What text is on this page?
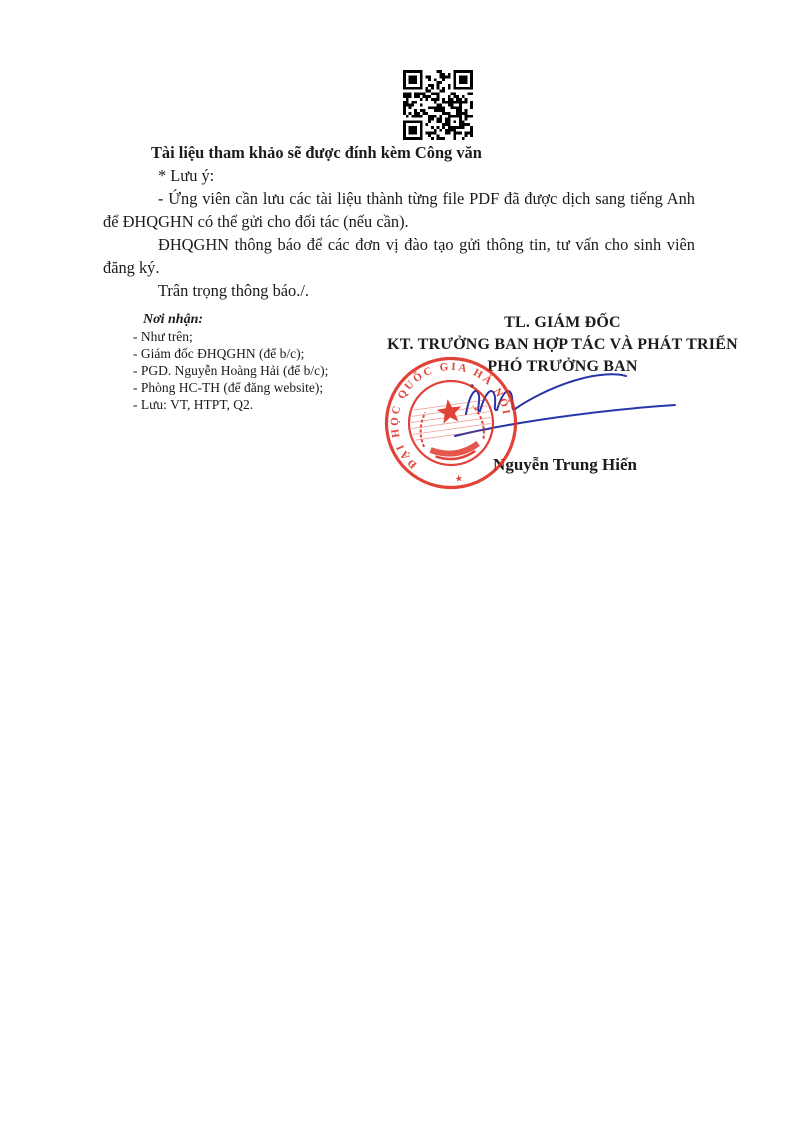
Tài liệu tham khảo sẽ được đính kèm Công văn

* Lưu ý:

- Ứng viên cần lưu các tài liệu thành từng file PDF đã được dịch sang tiếng Anh để ĐHQGHN có thể gửi cho đối tác (nếu cần).

ĐHQGHN thông báo để các đơn vị đào tạo gửi thông tin, tư vấn cho sinh viên đăng ký.

Trân trọng thông báo./.

Nơi nhận:
- Như trên;
- Giám đốc ĐHQGHN (để b/c);
- PGD. Nguyễn Hoàng Hải (để b/c);
- Phòng HC-TH (để đăng website);
- Lưu: VT, HTPT, Q2.
TL. GIÁM ĐỐC
KT. TRƯỞNG BAN HỢP TÁC VÀ PHÁT TRIỂN
PHÓ TRƯỞNG BAN
ĐẠI HỌC QUỐC GIA HÀ NỘI
★
Nguyễn Trung Hiển
